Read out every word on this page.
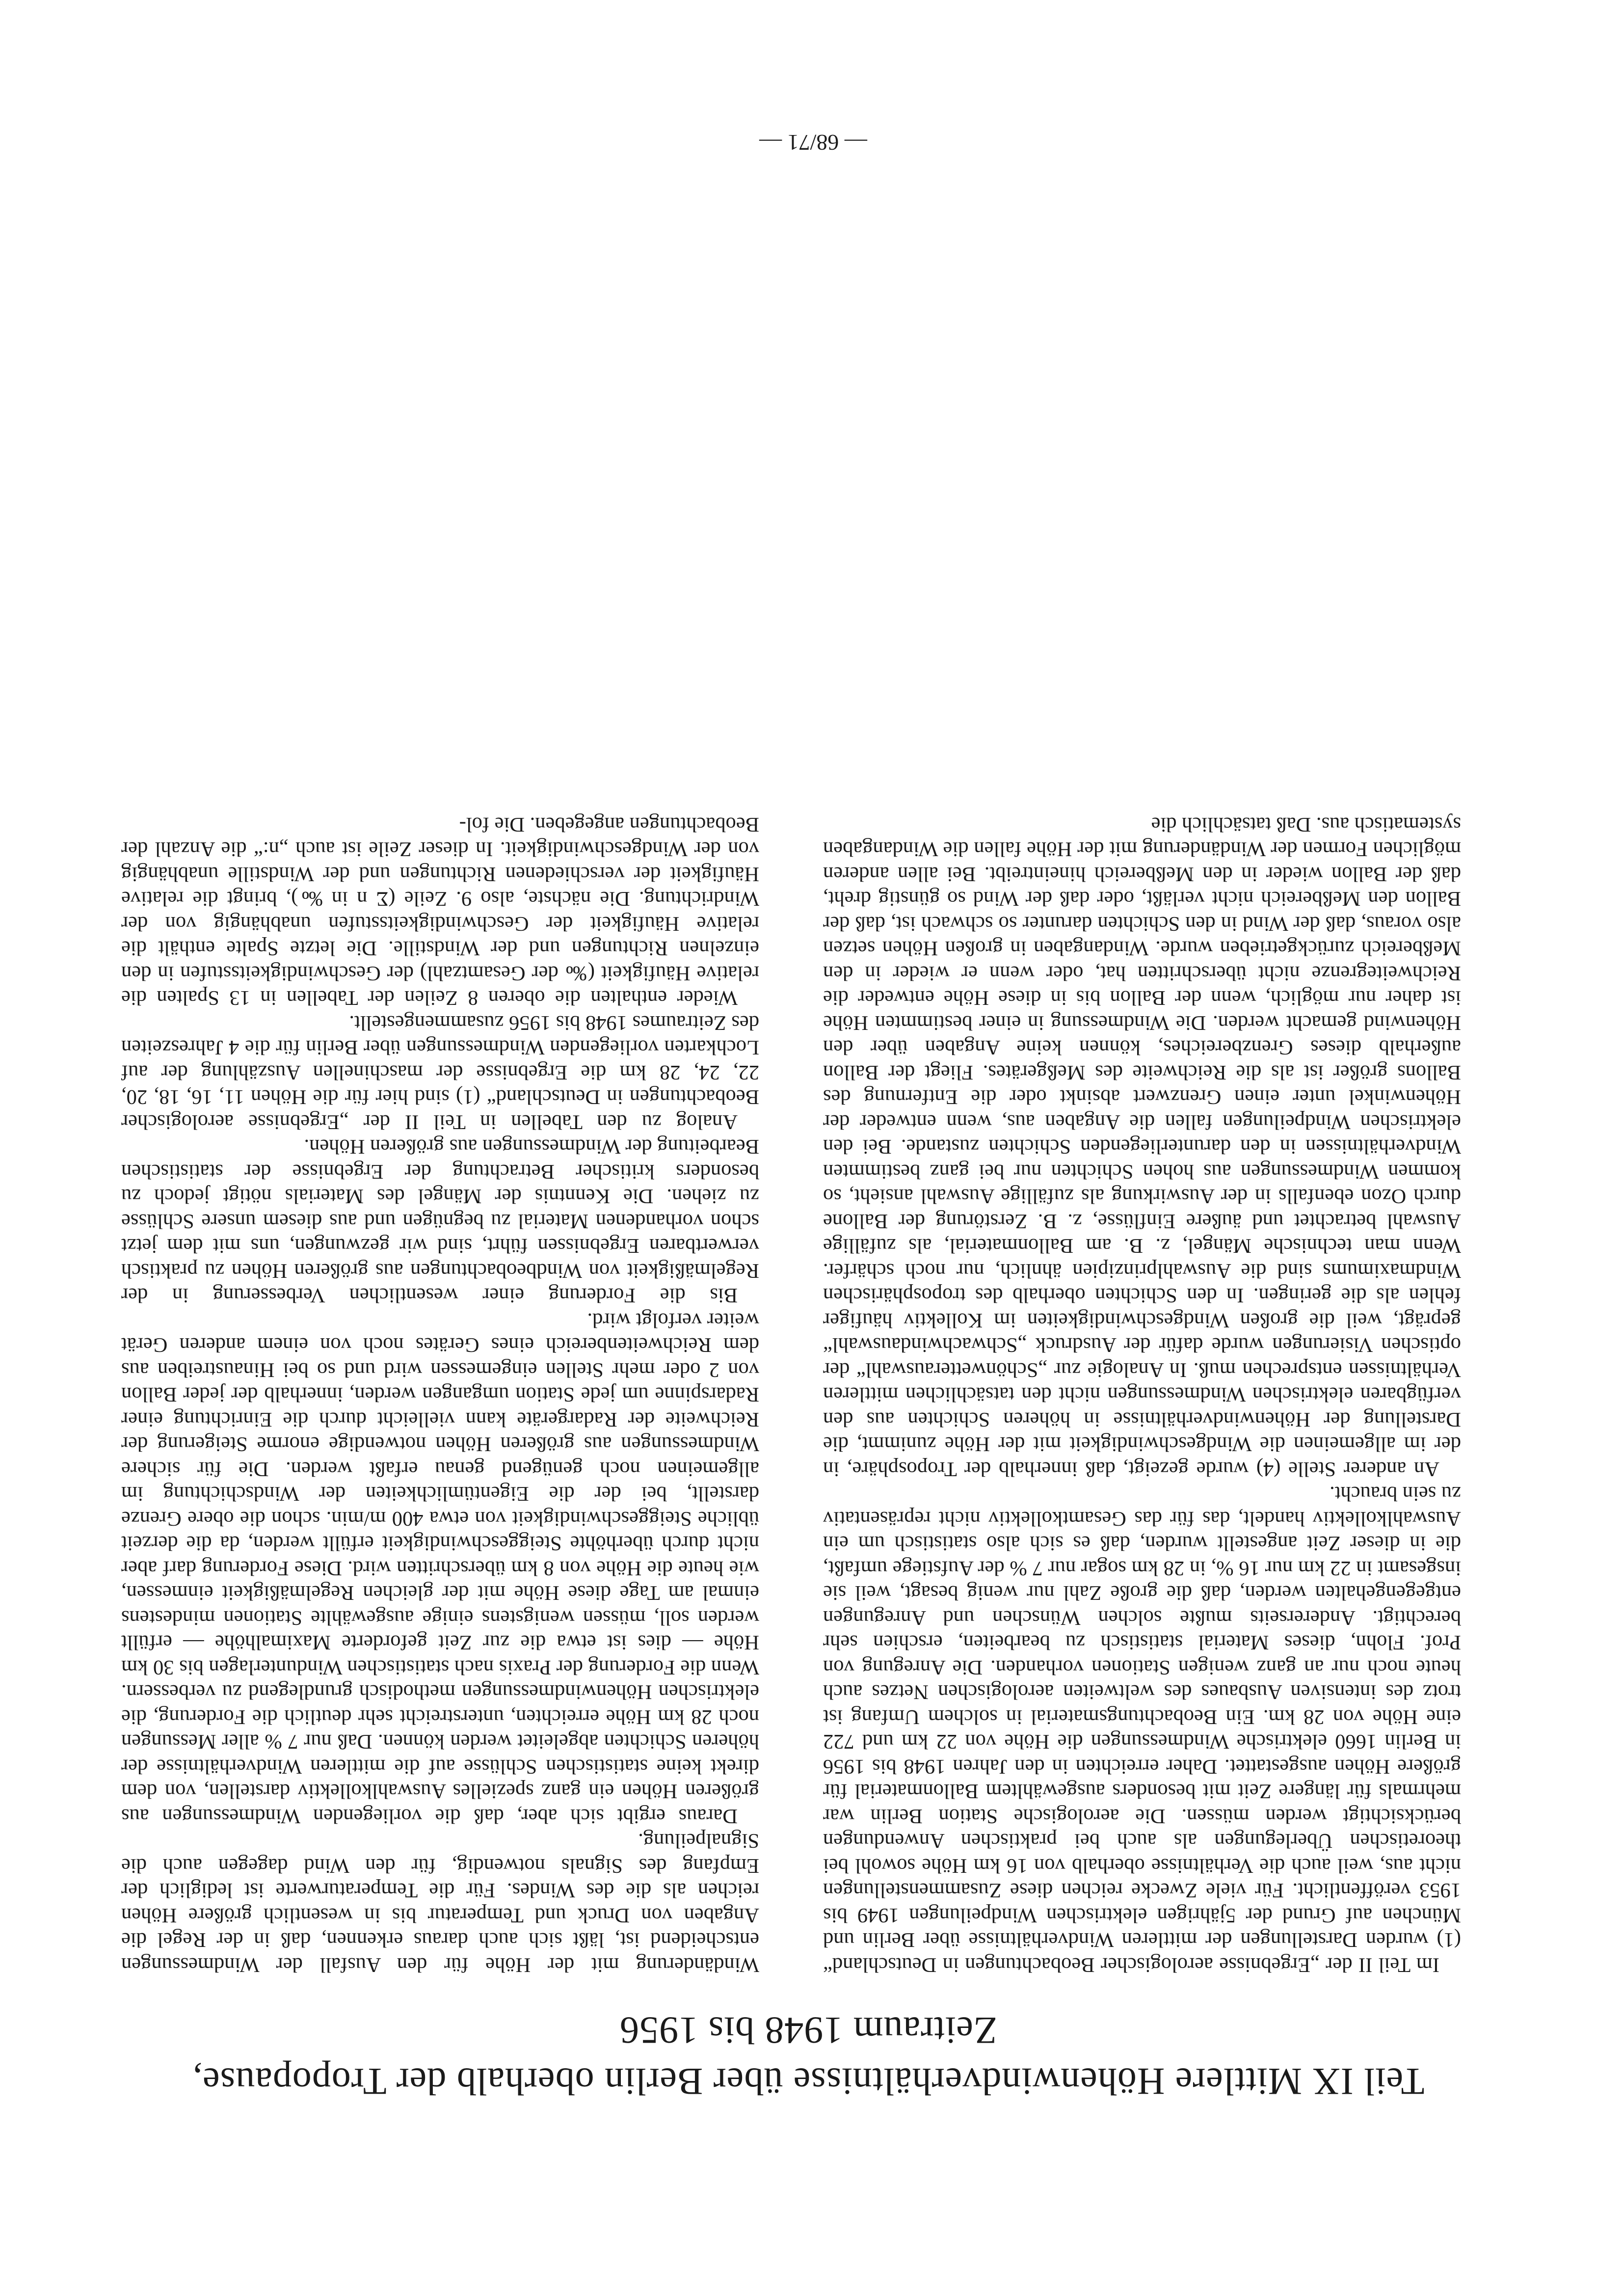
Teil IX Mittlere Höhenwindverhältnisse über Berlin oberhalb der Tropopause,
Zeitraum 1948 bis 1956

Im Teil II der „Ergebnisse aerologischer Beobachtungen in Deutschland“ (1) wurden Darstellungen der mittleren Windverhältnisse über Berlin und München auf Grund der 5jährigen elektrischen Windpeilungen 1949 bis 1953 veröffentlicht. Für viele Zwecke reichen diese Zusammenstellungen nicht aus, weil auch die Verhältnisse oberhalb von 16 km Höhe sowohl bei theoretischen Überlegungen als auch bei praktischen Anwendungen berücksichtigt werden müssen. Die aerologische Station Berlin war mehrmals für längere Zeit mit besonders ausgewähltem Ballonmaterial für größere Höhen ausgestattet. Daher erreichten in den Jahren 1948 bis 1956 in Berlin 1660 elektrische Windmessungen die Höhe von 22 km und 722 eine Höhe von 28 km. Ein Beobachtungsmaterial in solchem Umfang ist trotz des intensiven Ausbaues des weltweiten aerologischen Netzes auch heute noch nur an ganz wenigen Stationen vorhanden. Die Anregung von Prof. Flohn, dieses Material statistisch zu bearbeiten, erschien sehr berechtigt. Andererseits mußte solchen Wünschen und Anregungen entgegengehalten werden, daß die große Zahl nur wenig besagt, weil sie insgesamt in 22 km nur 16 %, in 28 km sogar nur 7 % der Aufstiege umfaßt, die in dieser Zeit angestellt wurden, daß es sich also statistisch um ein Auswahlkollektiv handelt, das für das Gesamtkollektiv nicht repräsentativ zu sein braucht.

An anderer Stelle (4) wurde gezeigt, daß innerhalb der Troposphäre, in der im allgemeinen die Windgeschwindigkeit mit der Höhe zunimmt, die Darstellung der Höhenwindverhältnisse in höheren Schichten aus den verfügbaren elektrischen Windmessungen nicht den tatsächlichen mittleren Verhältnissen entsprechen muß. In Analogie zur „Schönwetterauswahl“ der optischen Visierungen wurde dafür der Ausdruck „Schwachwindauswahl“ geprägt, weil die großen Windgeschwindigkeiten im Kollektiv häufiger fehlen als die geringen. In den Schichten oberhalb des troposphärischen Windmaximums sind die Auswahlprinzipien ähnlich, nur noch schärfer. Wenn man technische Mängel, z. B. am Ballonmaterial, als zufällige Auswahl betrachtet und äußere Einflüsse, z. B. Zerstörung der Ballone durch Ozon ebenfalls in der Auswirkung als zufällige Auswahl ansieht, so kommen Windmessungen aus hohen Schichten nur bei ganz bestimmten Windverhältnissen in den darunterliegenden Schichten zustande. Bei den elektrischen Windpeilungen fallen die Angaben aus, wenn entweder der Höhenwinkel unter einen Grenzwert absinkt oder die Entfernung des Ballons größer ist als die Reichweite des Meßgerätes. Fliegt der Ballon außerhalb dieses Grenzbereiches, können keine Angaben über den Höhenwind gemacht werden. Die Windmessung in einer bestimmten Höhe ist daher nur möglich, wenn der Ballon bis in diese Höhe entweder die Reichweitegrenze nicht überschritten hat, oder wenn er wieder in den Meßbereich zurückgetrieben wurde. Windangaben in großen Höhen setzen also voraus, daß der Wind in den Schichten darunter so schwach ist, daß der Ballon den Meßbereich nicht verläßt, oder daß der Wind so günstig dreht, daß der Ballon wieder in den Meßbereich hineintreibt. Bei allen anderen möglichen Formen der Windänderung mit der Höhe fallen die Windangaben systematisch aus. Daß tatsächlich die

Windänderung mit der Höhe für den Ausfall der Windmessungen entscheidend ist, läßt sich auch daraus erkennen, daß in der Regel die Angaben von Druck und Temperatur bis in wesentlich größere Höhen reichen als die des Windes. Für die Temperaturwerte ist lediglich der Empfang des Signals notwendig, für den Wind dagegen auch die Signalpeilung.

Daraus ergibt sich aber, daß die vorliegenden Windmessungen aus größeren Höhen ein ganz spezielles Auswahlkollektiv darstellen, von dem direkt keine statistischen Schlüsse auf die mittleren Windverhältnisse der höheren Schichten abgeleitet werden können. Daß nur 7 % aller Messungen noch 28 km Höhe erreichten, unterstreicht sehr deutlich die Forderung, die elektrischen Höhenwindmessungen methodisch grundlegend zu verbessern. Wenn die Forderung der Praxis nach statistischen Windunterlagen bis 30 km Höhe — dies ist etwa die zur Zeit geforderte Maximalhöhe — erfüllt werden soll, müssen wenigstens einige ausgewählte Stationen mindestens einmal am Tage diese Höhe mit der gleichen Regelmäßigkeit einmessen, wie heute die Höhe von 8 km überschritten wird. Diese Forderung darf aber nicht durch überhöhte Steiggeschwindigkeit erfüllt werden, da die derzeit übliche Steiggeschwindigkeit von etwa 400 m/min. schon die obere Grenze darstellt, bei der die Eigentümlichkeiten der Windschichtung im allgemeinen noch genügend genau erfaßt werden. Die für sichere Windmessungen aus größeren Höhen notwendige enorme Steigerung der Reichweite der Radargeräte kann vielleicht durch die Einrichtung einer Radarspinne um jede Station umgangen werden, innerhalb der jeder Ballon von 2 oder mehr Stellen eingemessen wird und so bei Hinaustreiben aus dem Reichweitenbereich eines Gerätes noch von einem anderen Gerät weiter verfolgt wird.

Bis die Forderung einer wesentlichen Verbesserung in der Regelmäßigkeit von Windbeobachtungen aus größeren Höhen zu praktisch verwertbaren Ergebnissen führt, sind wir gezwungen, uns mit dem jetzt schon vorhandenen Material zu begnügen und aus diesem unsere Schlüsse zu ziehen. Die Kenntnis der Mängel des Materials nötigt jedoch zu besonders kritischer Betrachtung der Ergebnisse der statistischen Bearbeitung der Windmessungen aus größeren Höhen.

Analog zu den Tabellen in Teil II der „Ergebnisse aerologischer Beobachtungen in Deutschland“ (1) sind hier für die Höhen 11, 16, 18, 20, 22, 24, 28 km die Ergebnisse der maschinellen Auszählung der auf Lochkarten vorliegenden Windmessungen über Berlin für die 4 Jahreszeiten des Zeitraumes 1948 bis 1956 zusammengestellt.

Wieder enthalten die oberen 8 Zeilen der Tabellen in 13 Spalten die relative Häufigkeit (‰ der Gesamtzahl) der Geschwindigkeitsstufen in den einzelnen Richtungen und der Windstille. Die letzte Spalte enthält die relative Häufigkeit der Geschwindigkeitsstufen unabhängig von der Windrichtung. Die nächste, also 9. Zeile (Σ n in ‰), bringt die relative Häufigkeit der verschiedenen Richtungen und der Windstille unabhängig von der Windgeschwindigkeit. In dieser Zeile ist auch „n:“ die Anzahl der Beobachtungen angegeben. Die fol-

— 68/71 —
